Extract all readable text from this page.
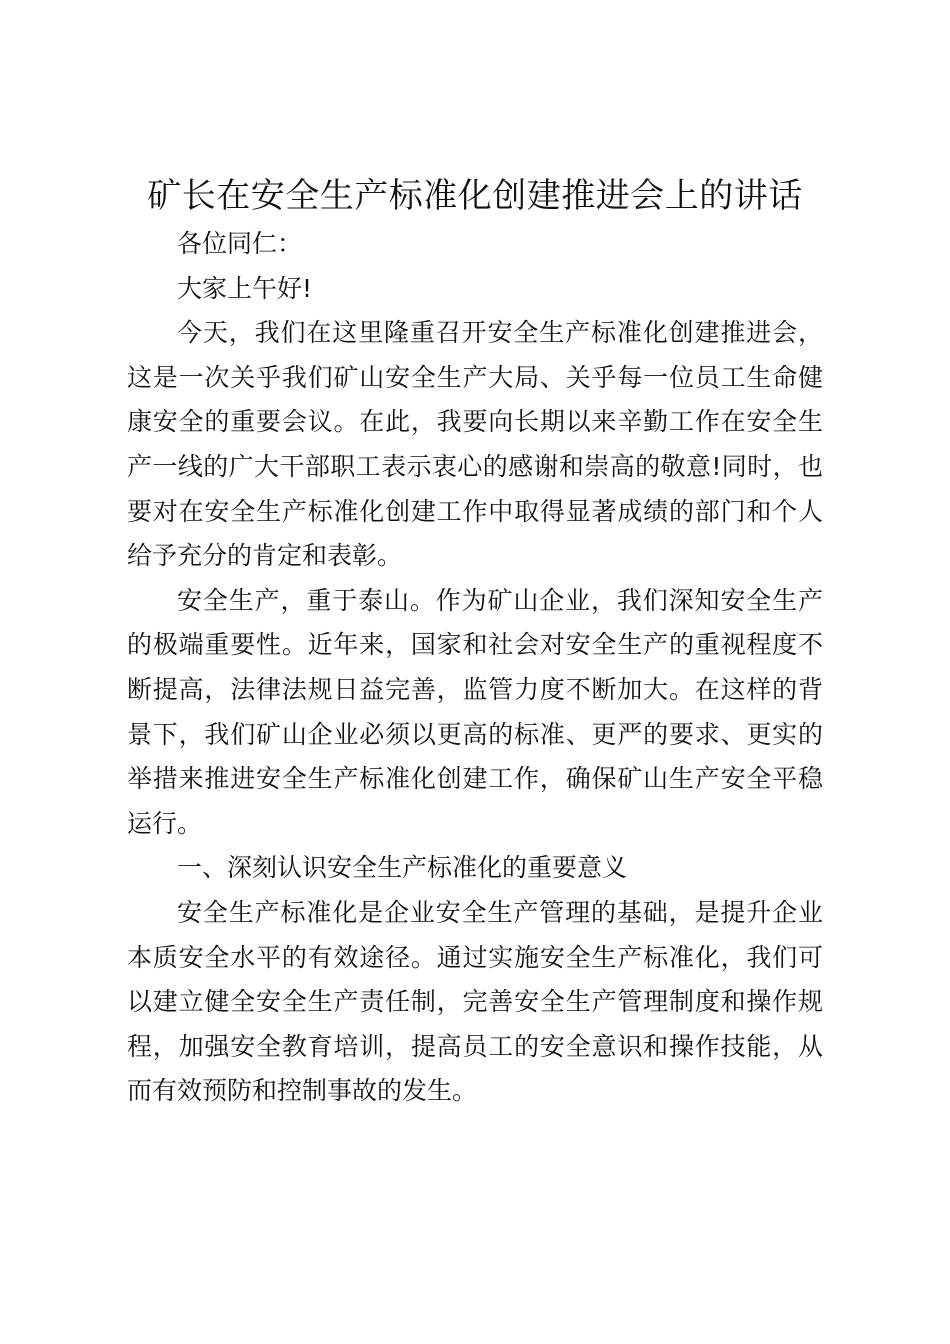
矿长在安全生产标准化创建推进会上的讲话

各位同仁：

大家上午好!

今天，我们在这里隆重召开安全生产标准化创建推进会，这是一次关乎我们矿山安全生产大局、关乎每一位员工生命健康安全的重要会议。在此，我要向长期以来辛勤工作在安全生产一线的广大干部职工表示衷心的感谢和崇高的敬意!同时，也要对在安全生产标准化创建工作中取得显著成绩的部门和个人给予充分的肯定和表彰。

安全生产，重于泰山。作为矿山企业，我们深知安全生产的极端重要性。近年来，国家和社会对安全生产的重视程度不断提高，法律法规日益完善，监管力度不断加大。在这样的背景下，我们矿山企业必须以更高的标准、更严的要求、更实的举措来推进安全生产标准化创建工作，确保矿山生产安全平稳运行。

一、深刻认识安全生产标准化的重要意义

安全生产标准化是企业安全生产管理的基础，是提升企业本质安全水平的有效途径。通过实施安全生产标准化，我们可以建立健全安全生产责任制，完善安全生产管理制度和操作规程，加强安全教育培训，提高员工的安全意识和操作技能，从而有效预防和控制事故的发生。
